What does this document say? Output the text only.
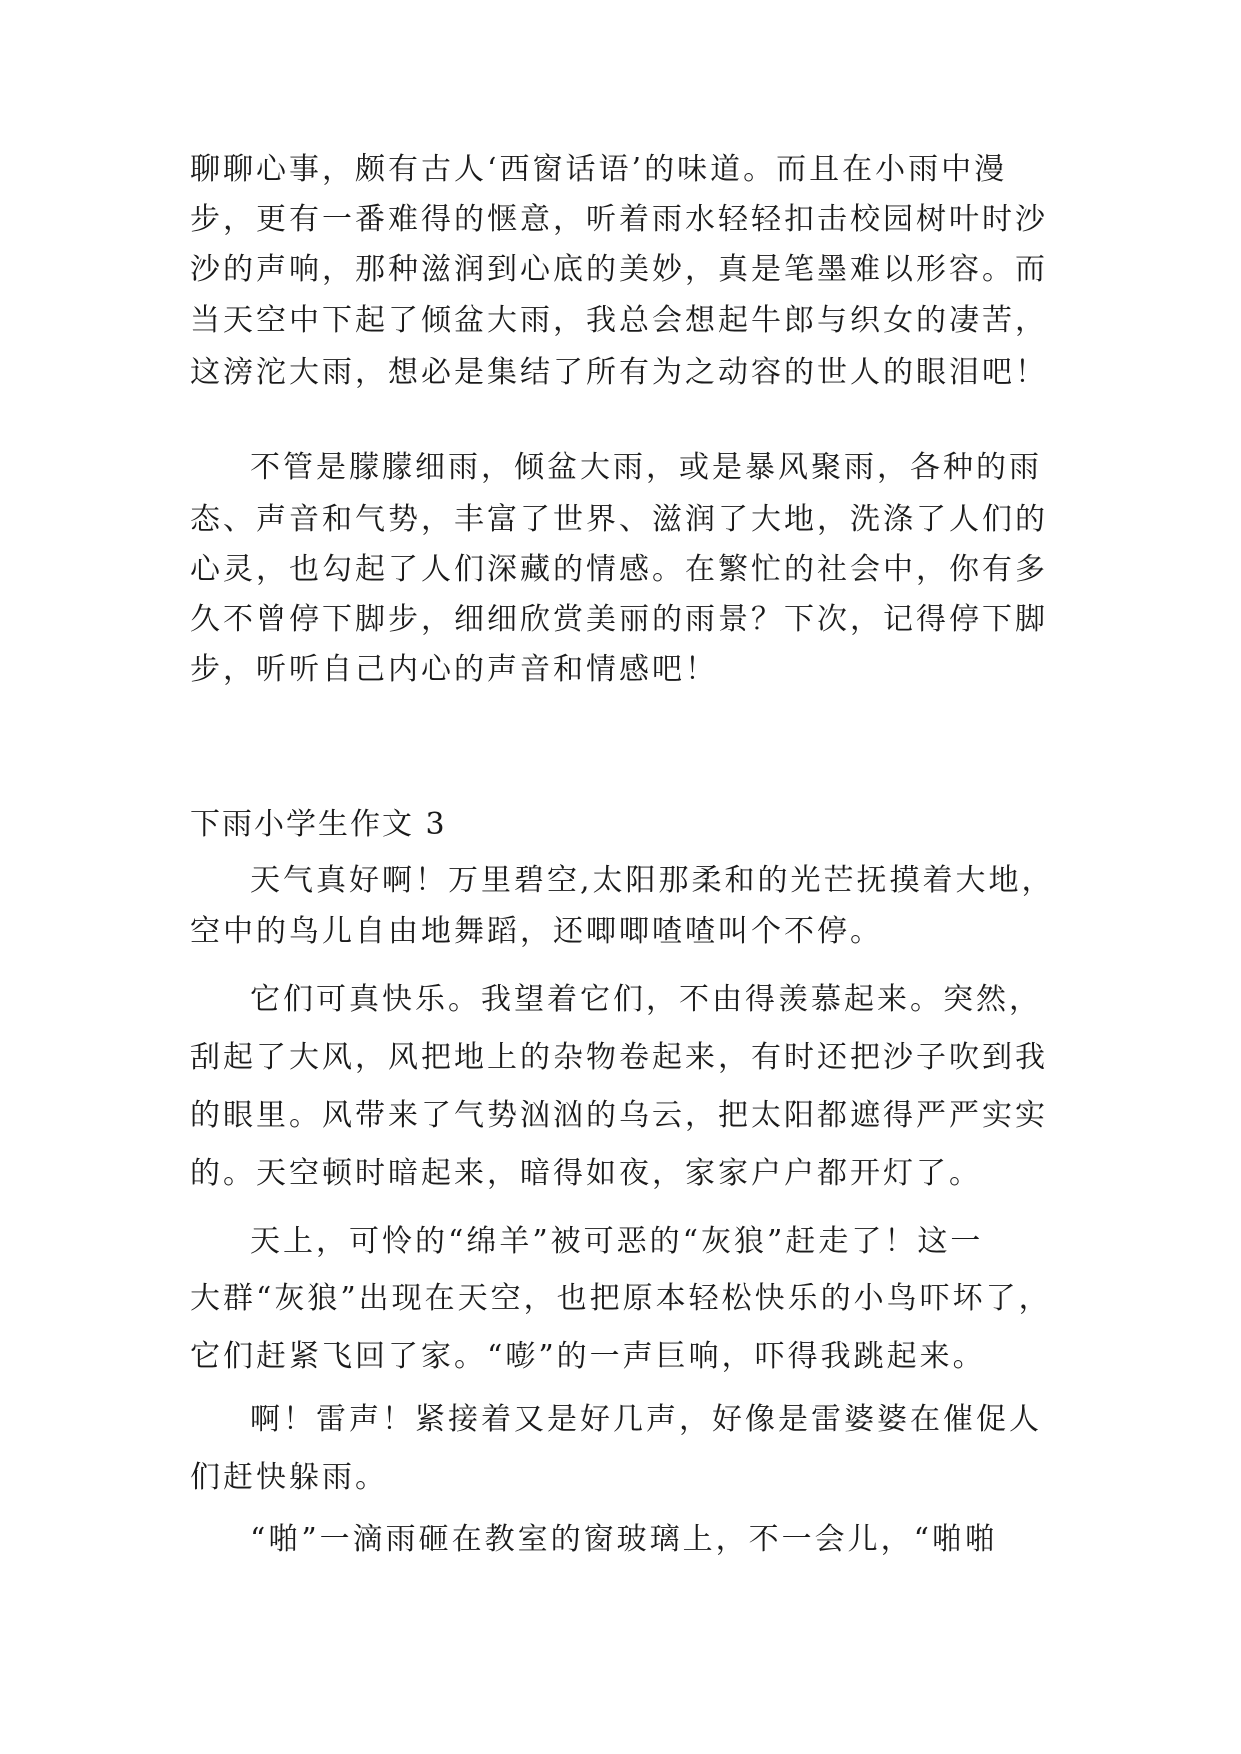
聊聊心事，颇有古人‘西窗话语’的味道。而且在小雨中漫
步，更有一番难得的惬意，听着雨水轻轻扣击校园树叶时沙
沙的声响，那种滋润到心底的美妙，真是笔墨难以形容。而
当天空中下起了倾盆大雨，我总会想起牛郎与织女的凄苦，
这滂沱大雨，想必是集结了所有为之动容的世人的眼泪吧！
不管是朦朦细雨，倾盆大雨，或是暴风聚雨，各种的雨
态、声音和气势，丰富了世界、滋润了大地，洗涤了人们的
心灵，也勾起了人们深藏的情感。在繁忙的社会中，你有多
久不曾停下脚步，细细欣赏美丽的雨景？下次，记得停下脚
步，听听自己内心的声音和情感吧！
下雨小学生作文 3
天气真好啊！万里碧空,太阳那柔和的光芒抚摸着大地，
空中的鸟儿自由地舞蹈，还唧唧喳喳叫个不停。
它们可真快乐。我望着它们，不由得羡慕起来。突然，
刮起了大风，风把地上的杂物卷起来，有时还把沙子吹到我
的眼里。风带来了气势汹汹的乌云，把太阳都遮得严严实实
的。天空顿时暗起来，暗得如夜，家家户户都开灯了。
天上，可怜的“绵羊”被可恶的“灰狼”赶走了！这一
大群“灰狼”出现在天空，也把原本轻松快乐的小鸟吓坏了，
它们赶紧飞回了家。“嘭”的一声巨响，吓得我跳起来。
啊！雷声！紧接着又是好几声，好像是雷婆婆在催促人
们赶快躲雨。
“啪”一滴雨砸在教室的窗玻璃上，不一会儿，“啪啪
